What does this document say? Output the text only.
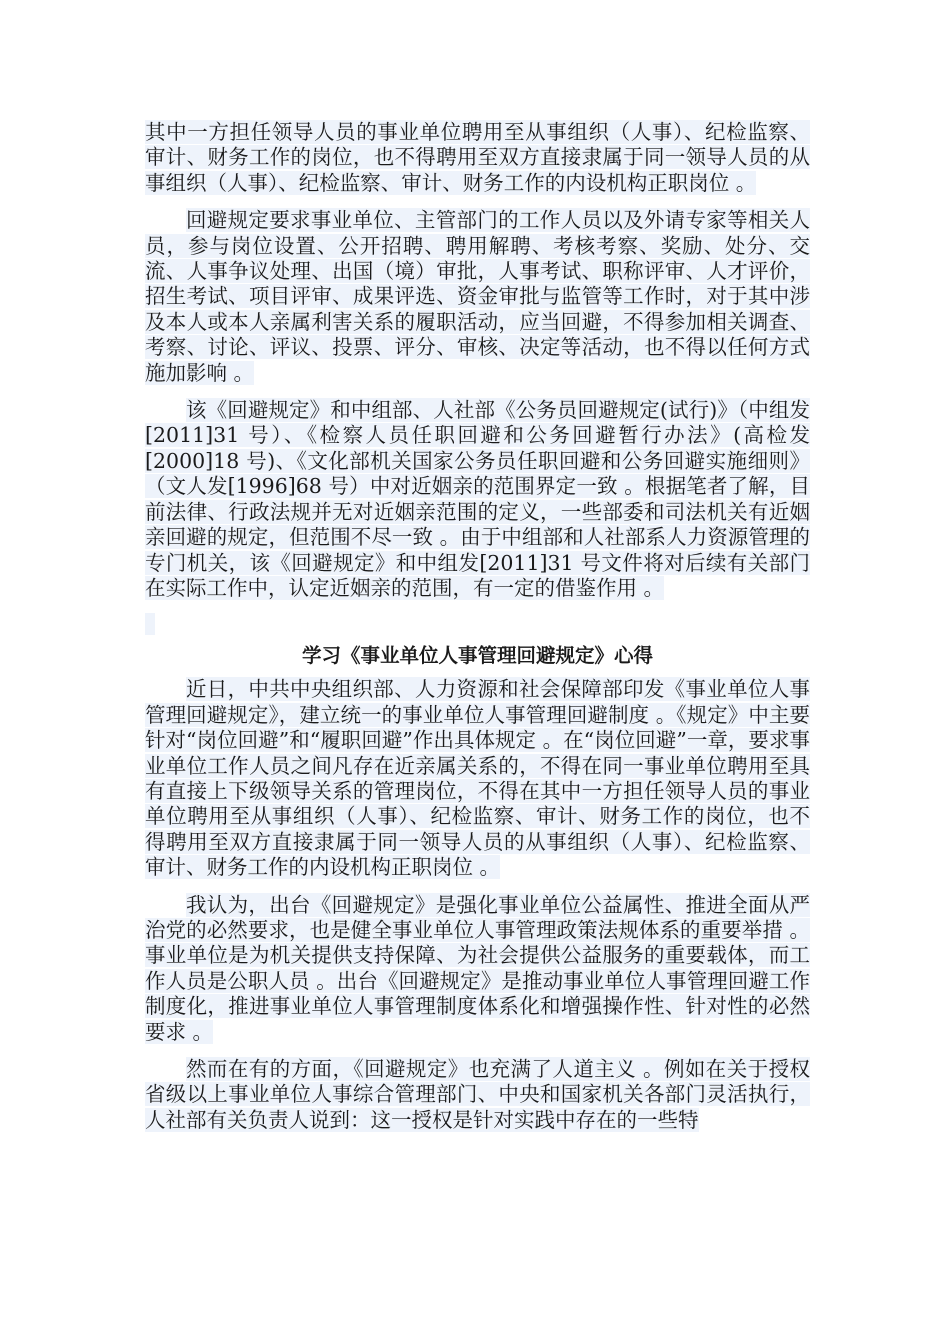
其中一方担任领导人员的事业单位聘用至从事组织（人事）、纪检监察、审计、财务工作的岗位，也不得聘用至双方直接隶属于同一领导人员的从事组织（人事）、纪检监察、审计、财务工作的内设机构正职岗位 。

回避规定要求事业单位、主管部门的工作人员以及外请专家等相关人员，参与岗位设置、公开招聘、聘用解聘、考核考察、奖励、处分、交流、人事争议处理、出国（境）审批，人事考试、职称评审、人才评价，招生考试、项目评审、成果评选、资金审批与监管等工作时，对于其中涉及本人或本人亲属利害关系的履职活动，应当回避，不得参加相关调查、考察、讨论、评议、投票、评分、审核、决定等活动，也不得以任何方式施加影响 。

该《回避规定》和中组部、人社部《公务员回避规定(试行)》（中组发[2011]31 号）、《检察人员任职回避和公务回避暂行办法》(高检发[2000]18 号)、《文化部机关国家公务员任职回避和公务回避实施细则》（文人发[1996]68 号）中对近姻亲的范围界定一致 。根据笔者了解，目前法律、行政法规并无对近姻亲范围的定义，一些部委和司法机关有近姻亲回避的规定，但范围不尽一致 。由于中组部和人社部系人力资源管理的专门机关，该《回避规定》和中组发[2011]31 号文件将对后续有关部门在实际工作中，认定近姻亲的范围，有一定的借鉴作用 。

学习《事业单位人事管理回避规定》心得

近日，中共中央组织部、人力资源和社会保障部印发《事业单位人事管理回避规定》，建立统一的事业单位人事管理回避制度 。《规定》中主要针对“岗位回避”和“履职回避”作出具体规定 。在“岗位回避”一章，要求事业单位工作人员之间凡存在近亲属关系的，不得在同一事业单位聘用至具有直接上下级领导关系的管理岗位，不得在其中一方担任领导人员的事业单位聘用至从事组织（人事）、纪检监察、审计、财务工作的岗位，也不得聘用至双方直接隶属于同一领导人员的从事组织（人事）、纪检监察、审计、财务工作的内设机构正职岗位 。

我认为，出台《回避规定》是强化事业单位公益属性、推进全面从严治党的必然要求，也是健全事业单位人事管理政策法规体系的重要举措 。事业单位是为机关提供支持保障、为社会提供公益服务的重要载体，而工作人员是公职人员 。出台《回避规定》是推动事业单位人事管理回避工作制度化，推进事业单位人事管理制度体系化和增强操作性、针对性的必然要求 。

然而在有的方面，《回避规定》也充满了人道主义 。例如在关于授权省级以上事业单位人事综合管理部门、中央和国家机关各部门灵活执行，人社部有关负责人说到：这一授权是针对实践中存在的一些特
